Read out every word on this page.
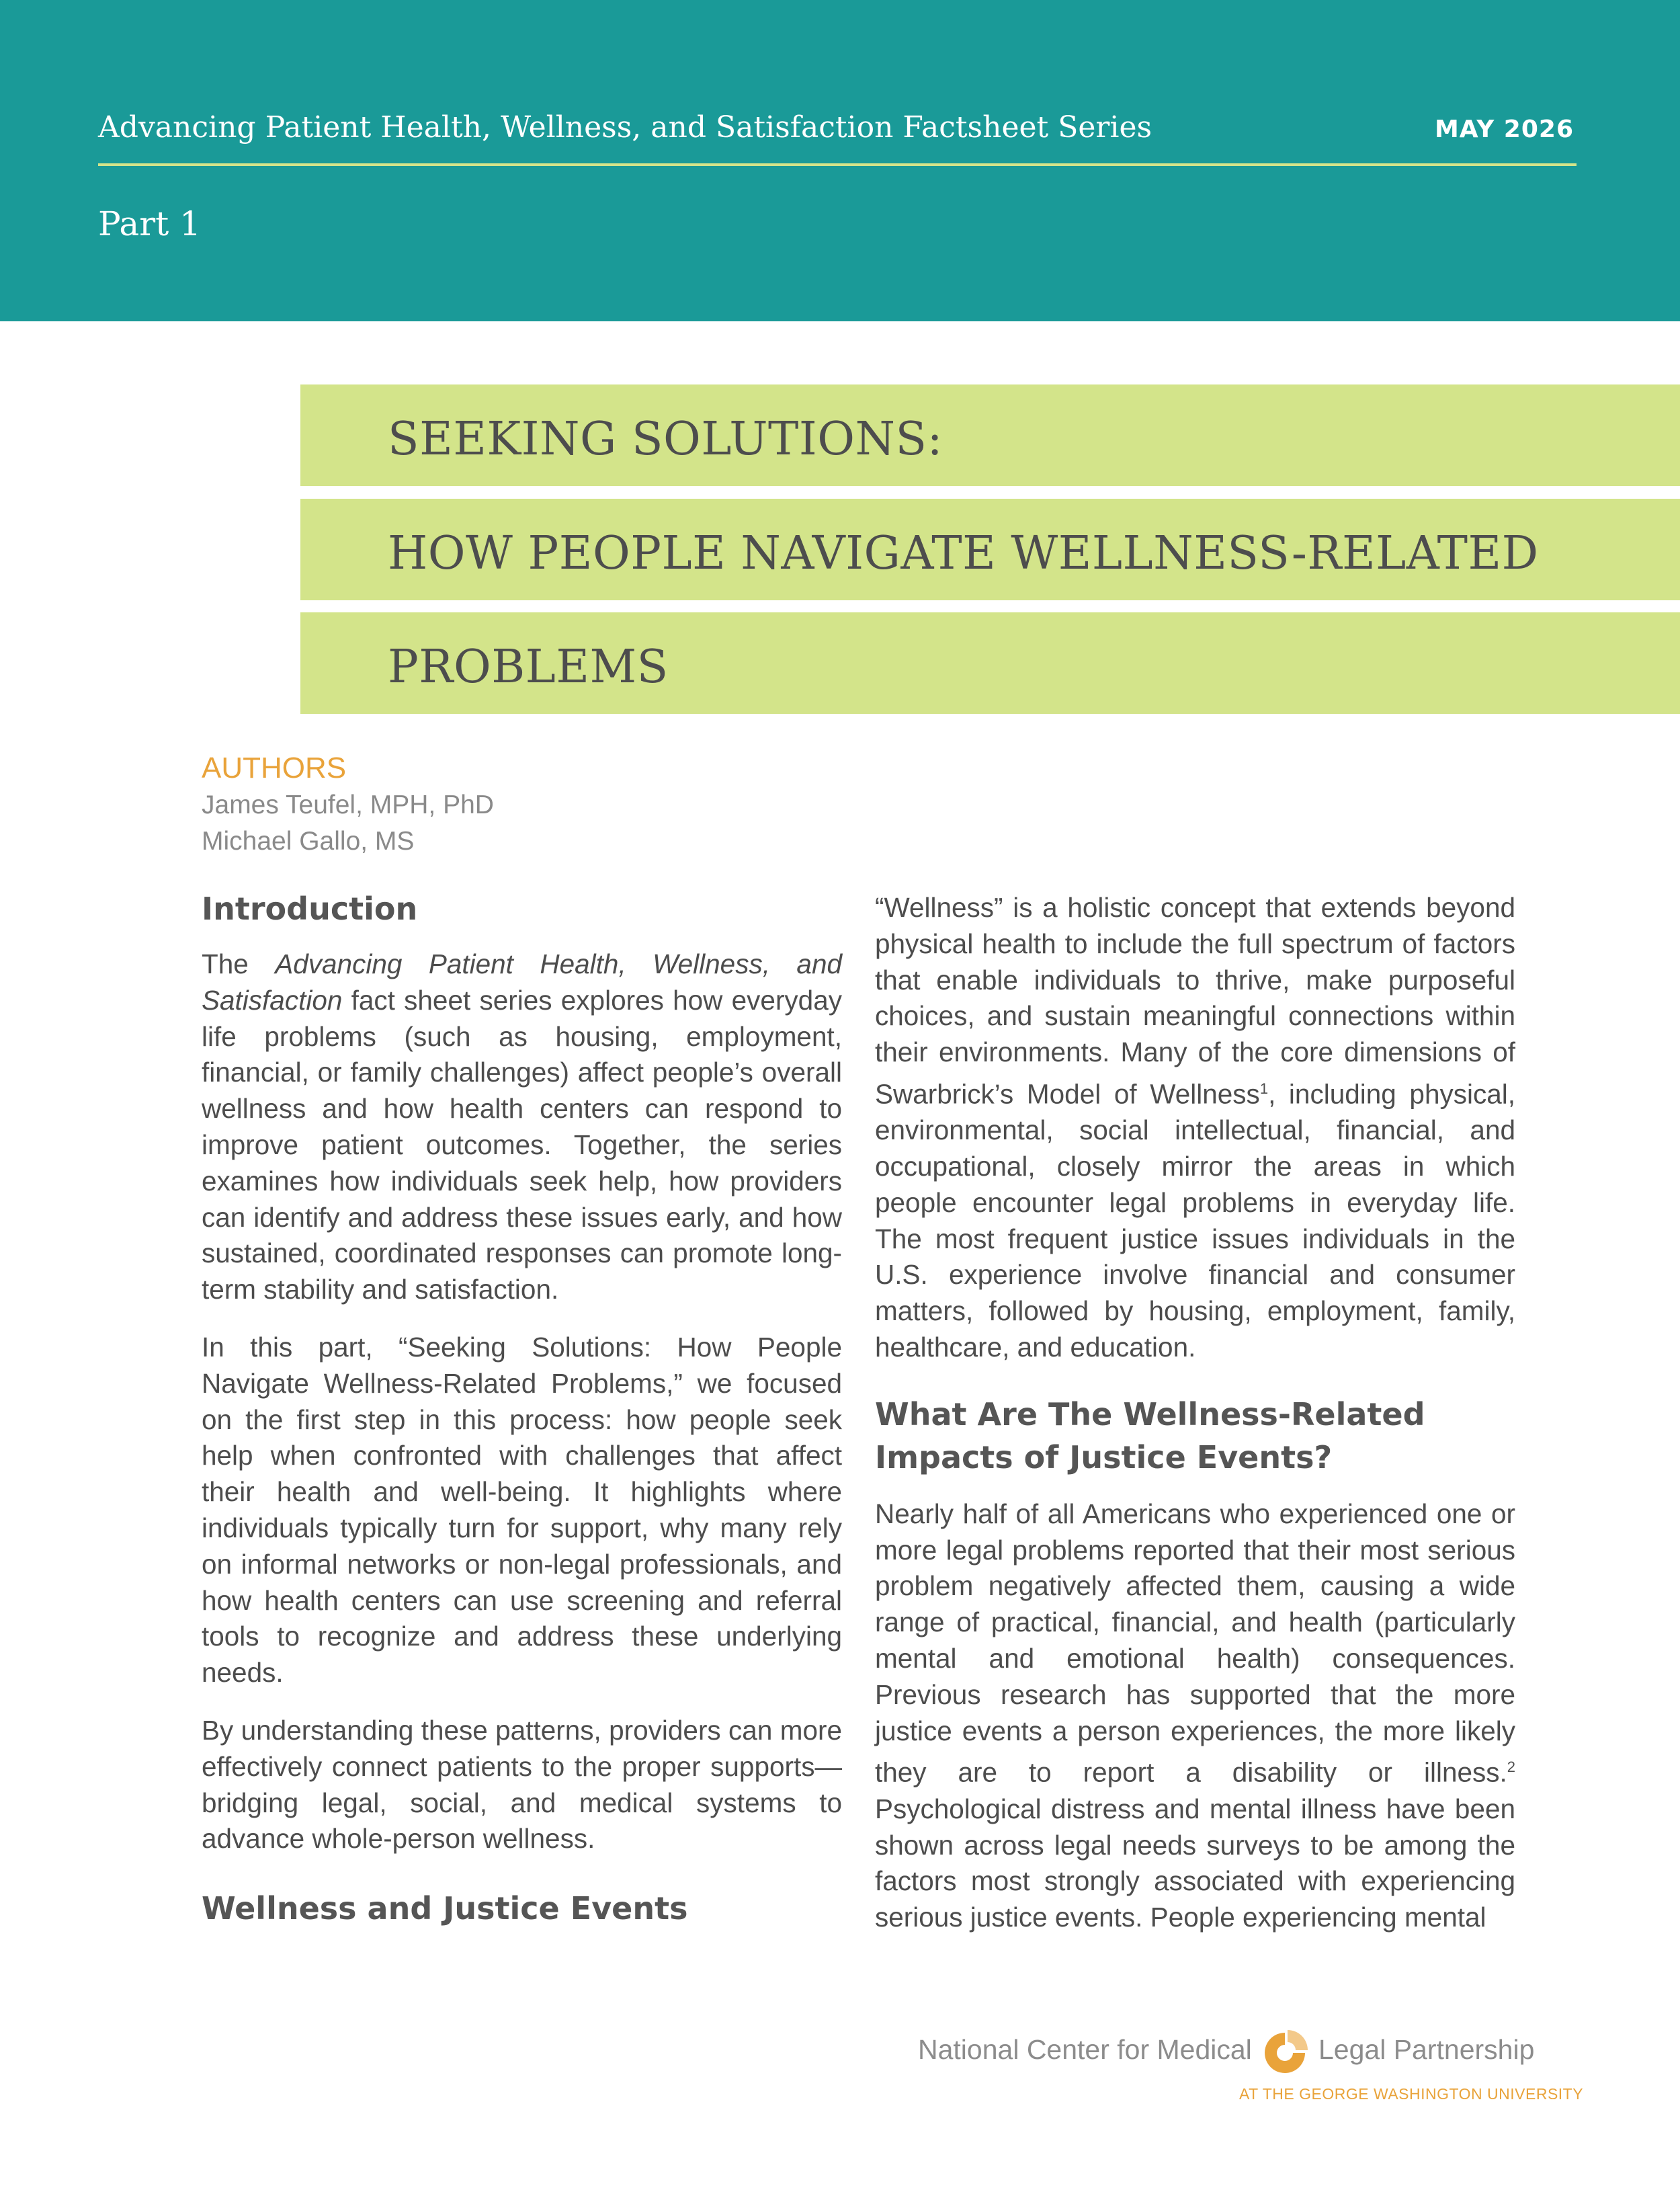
Advancing Patient Health, Wellness, and Satisfaction Factsheet Series	MAY 2026
Part 1
SEEKING SOLUTIONS:
HOW PEOPLE NAVIGATE WELLNESS-RELATED
PROBLEMS
AUTHORS
James Teufel, MPH, PhD
Michael Gallo, MS
Introduction

The Advancing Patient Health, Wellness, and Satisfaction fact sheet series explores how everyday life problems (such as housing, employment, financial, or family challenges) affect people’s overall wellness and how health centers can respond to improve patient outcomes. Together, the series examines how individuals seek help, how providers can identify and address these issues early, and how sustained, coordinated responses can promote long-term stability and satisfaction.

In this part, “Seeking Solutions: How People Navigate Wellness-Related Problems,” we focused on the first step in this process: how people seek help when confronted with challenges that affect their health and well-being. It highlights where individuals typically turn for support, why many rely on informal networks or non-legal professionals, and how health centers can use screening and referral tools to recognize and address these underlying needs.

By understanding these patterns, providers can more effectively connect patients to the proper supports—bridging legal, social, and medical systems to advance whole-person wellness.

Wellness and Justice Events

“Wellness” is a holistic concept that extends beyond physical health to include the full spectrum of factors that enable individuals to thrive, make purposeful choices, and sustain meaningful connections within their environments. Many of the core dimensions of Swarbrick’s Model of Wellness$^1$, including physical, environmental, social intellectual, financial, and occupational, closely mirror the areas in which people encounter legal problems in everyday life. The most frequent justice issues individuals in the U.S. experience involve financial and consumer matters, followed by housing, employment, family, healthcare, and education.

What Are The Wellness-Related Impacts of Justice Events?

Nearly half of all Americans who experienced one or more legal problems reported that their most serious problem negatively affected them, causing a wide range of practical, financial, and health (particularly mental and emotional health) consequences. Previous research has supported that the more justice events a person experiences, the more likely they are to report a disability or illness.$^2$ Psychological distress and mental illness have been shown across legal needs surveys to be among the factors most strongly associated with experiencing serious justice events. People experiencing mental

National Center for Medical Legal Partnership
AT THE GEORGE WASHINGTON UNIVERSITY
